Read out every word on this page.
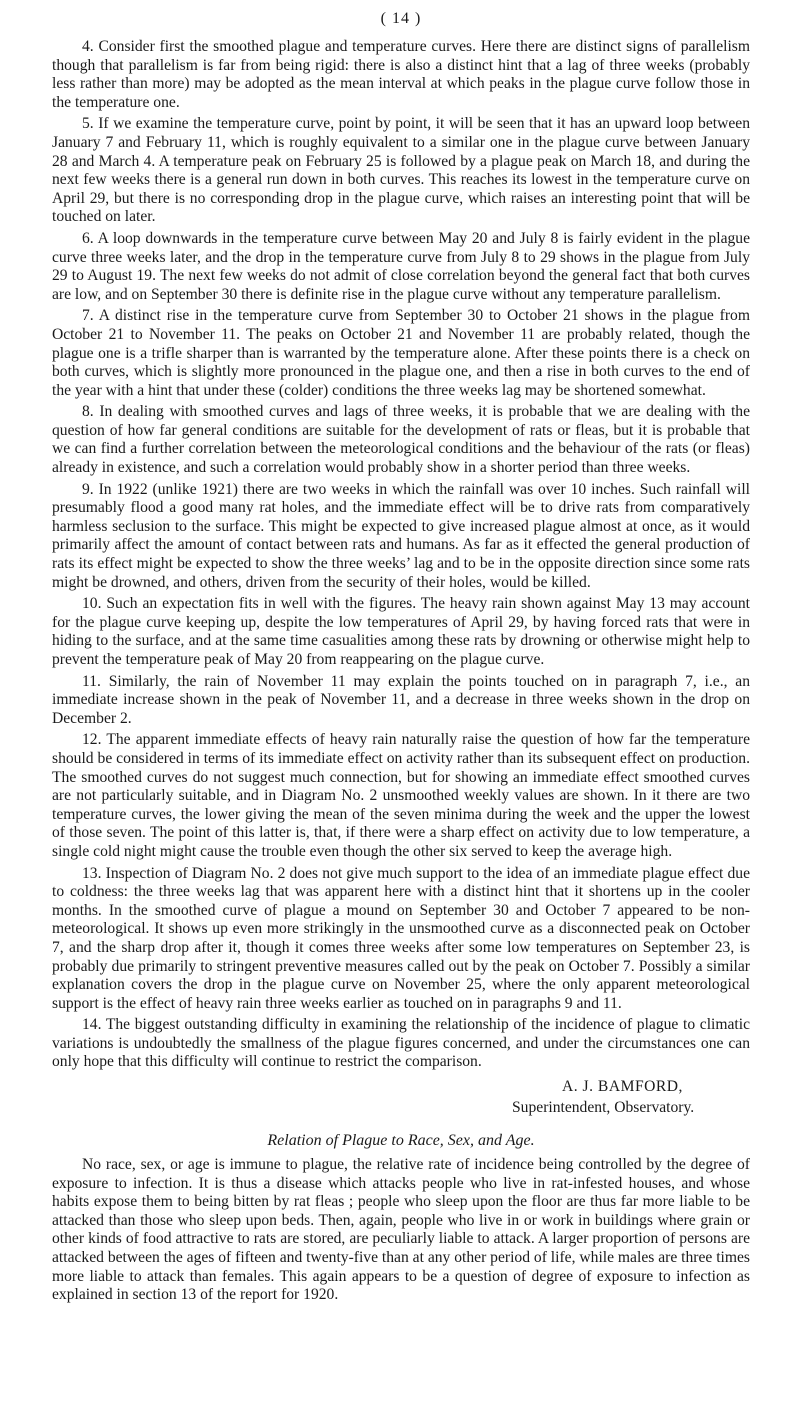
( 14 )

4. Consider first the smoothed plague and temperature curves. Here there are distinct signs of parallelism though that parallelism is far from being rigid: there is also a distinct hint that a lag of three weeks (probably less rather than more) may be adopted as the mean interval at which peaks in the plague curve follow those in the temperature one.

5. If we examine the temperature curve, point by point, it will be seen that it has an upward loop between January 7 and February 11, which is roughly equivalent to a similar one in the plague curve between January 28 and March 4. A temperature peak on February 25 is followed by a plague peak on March 18, and during the next few weeks there is a general run down in both curves. This reaches its lowest in the temperature curve on April 29, but there is no corresponding drop in the plague curve, which raises an interesting point that will be touched on later.

6. A loop downwards in the temperature curve between May 20 and July 8 is fairly evident in the plague curve three weeks later, and the drop in the temperature curve from July 8 to 29 shows in the plague from July 29 to August 19. The next few weeks do not admit of close correlation beyond the general fact that both curves are low, and on September 30 there is definite rise in the plague curve without any temperature parallelism.

7. A distinct rise in the temperature curve from September 30 to October 21 shows in the plague from October 21 to November 11. The peaks on October 21 and November 11 are probably related, though the plague one is a trifle sharper than is warranted by the temperature alone. After these points there is a check on both curves, which is slightly more pronounced in the plague one, and then a rise in both curves to the end of the year with a hint that under these (colder) conditions the three weeks lag may be shortened somewhat.

8. In dealing with smoothed curves and lags of three weeks, it is probable that we are dealing with the question of how far general conditions are suitable for the development of rats or fleas, but it is probable that we can find a further correlation between the meteorological conditions and the behaviour of the rats (or fleas) already in existence, and such a correlation would probably show in a shorter period than three weeks.

9. In 1922 (unlike 1921) there are two weeks in which the rainfall was over 10 inches. Such rainfall will presumably flood a good many rat holes, and the immediate effect will be to drive rats from comparatively harmless seclusion to the surface. This might be expected to give increased plague almost at once, as it would primarily affect the amount of contact between rats and humans. As far as it effected the general production of rats its effect might be expected to show the three weeks’ lag and to be in the opposite direction since some rats might be drowned, and others, driven from the security of their holes, would be killed.

10. Such an expectation fits in well with the figures. The heavy rain shown against May 13 may account for the plague curve keeping up, despite the low temperatures of April 29, by having forced rats that were in hiding to the surface, and at the same time casualities among these rats by drowning or otherwise might help to prevent the temperature peak of May 20 from reappearing on the plague curve.

11. Similarly, the rain of November 11 may explain the points touched on in paragraph 7, i.e., an immediate increase shown in the peak of November 11, and a decrease in three weeks shown in the drop on December 2.

12. The apparent immediate effects of heavy rain naturally raise the question of how far the temperature should be considered in terms of its immediate effect on activity rather than its subsequent effect on production. The smoothed curves do not suggest much connection, but for showing an immediate effect smoothed curves are not particularly suitable, and in Diagram No. 2 unsmoothed weekly values are shown. In it there are two temperature curves, the lower giving the mean of the seven minima during the week and the upper the lowest of those seven. The point of this latter is, that, if there were a sharp effect on activity due to low temperature, a single cold night might cause the trouble even though the other six served to keep the average high.

13. Inspection of Diagram No. 2 does not give much support to the idea of an immediate plague effect due to coldness: the three weeks lag that was apparent here with a distinct hint that it shortens up in the cooler months. In the smoothed curve of plague a mound on September 30 and October 7 appeared to be non-meteorological. It shows up even more strikingly in the unsmoothed curve as a disconnected peak on October 7, and the sharp drop after it, though it comes three weeks after some low temperatures on September 23, is probably due primarily to stringent preventive measures called out by the peak on October 7. Possibly a similar explanation covers the drop in the plague curve on November 25, where the only apparent meteorological support is the effect of heavy rain three weeks earlier as touched on in paragraphs 9 and 11.

14. The biggest outstanding difficulty in examining the relationship of the incidence of plague to climatic variations is undoubtedly the smallness of the plague figures concerned, and under the circumstances one can only hope that this difficulty will continue to restrict the comparison.

A. J. BAMFORD,
Superintendent, Observatory.
Relation of Plague to Race, Sex, and Age.

No race, sex, or age is immune to plague, the relative rate of incidence being controlled by the degree of exposure to infection. It is thus a disease which attacks people who live in rat-infested houses, and whose habits expose them to being bitten by rat fleas ; people who sleep upon the floor are thus far more liable to be attacked than those who sleep upon beds. Then, again, people who live in or work in buildings where grain or other kinds of food attractive to rats are stored, are peculiarly liable to attack. A larger proportion of persons are attacked between the ages of fifteen and twenty-five than at any other period of life, while males are three times more liable to attack than females. This again appears to be a question of degree of exposure to infection as explained in section 13 of the report for 1920.
